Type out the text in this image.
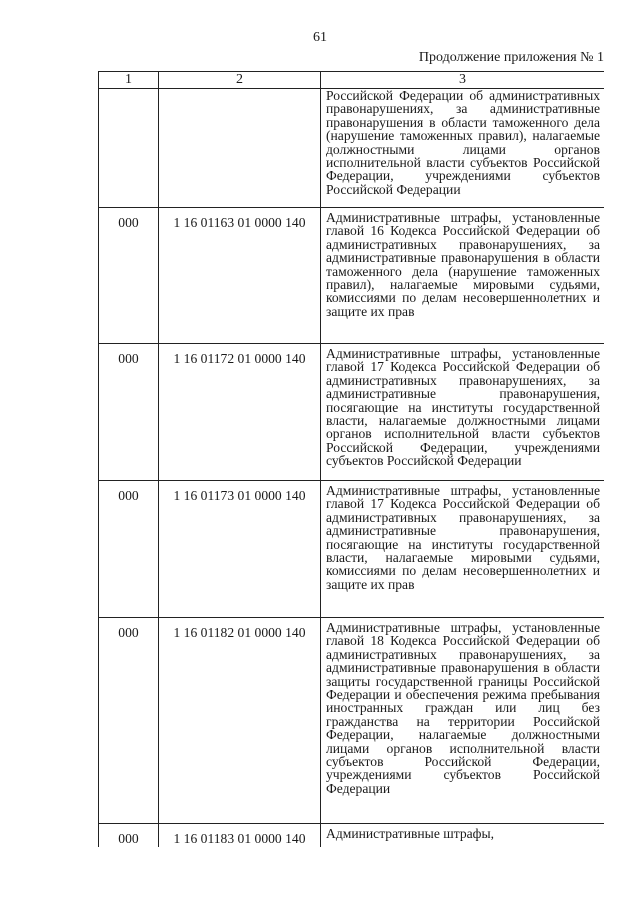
61

Продолжение приложения № 1

1	2	3
		Российской Федерации об административных правонарушениях, за административные правонарушения в области таможенного дела (нарушение таможенных правил), налагаемые должностными лицами органов исполнительной власти субъектов Российской Федерации, учреждениями субъектов Российской Федерации
000	1 16 01163 01 0000 140	Административные штрафы, установленные главой 16 Кодекса Российской Федерации об административных правонарушениях, за административные правонарушения в области таможенного дела (нарушение таможенных правил), налагаемые мировыми судьями, комиссиями по делам несовершеннолетних и защите их прав
000	1 16 01172 01 0000 140	Административные штрафы, установленные главой 17 Кодекса Российской Федерации об административных правонарушениях, за административные правонарушения, посягающие на институты государственной власти, налагаемые должностными лицами органов исполнительной власти субъектов Российской Федерации, учреждениями субъектов Российской Федерации
000	1 16 01173 01 0000 140	Административные штрафы, установленные главой 17 Кодекса Российской Федерации об административных правонарушениях, за административные правонарушения, посягающие на институты государственной власти, налагаемые мировыми судьями, комиссиями по делам несовершеннолетних и защите их прав
000	1 16 01182 01 0000 140	Административные штрафы, установленные главой 18 Кодекса Российской Федерации об административных правонарушениях, за административные правонарушения в области защиты государственной границы Российской Федерации и обеспечения режима пребывания иностранных граждан или лиц без гражданства на территории Российской Федерации, налагаемые должностными лицами органов исполнительной власти субъектов Российской Федерации, учреждениями субъектов Российской Федерации
000	1 16 01183 01 0000 140	Административные штрафы,
